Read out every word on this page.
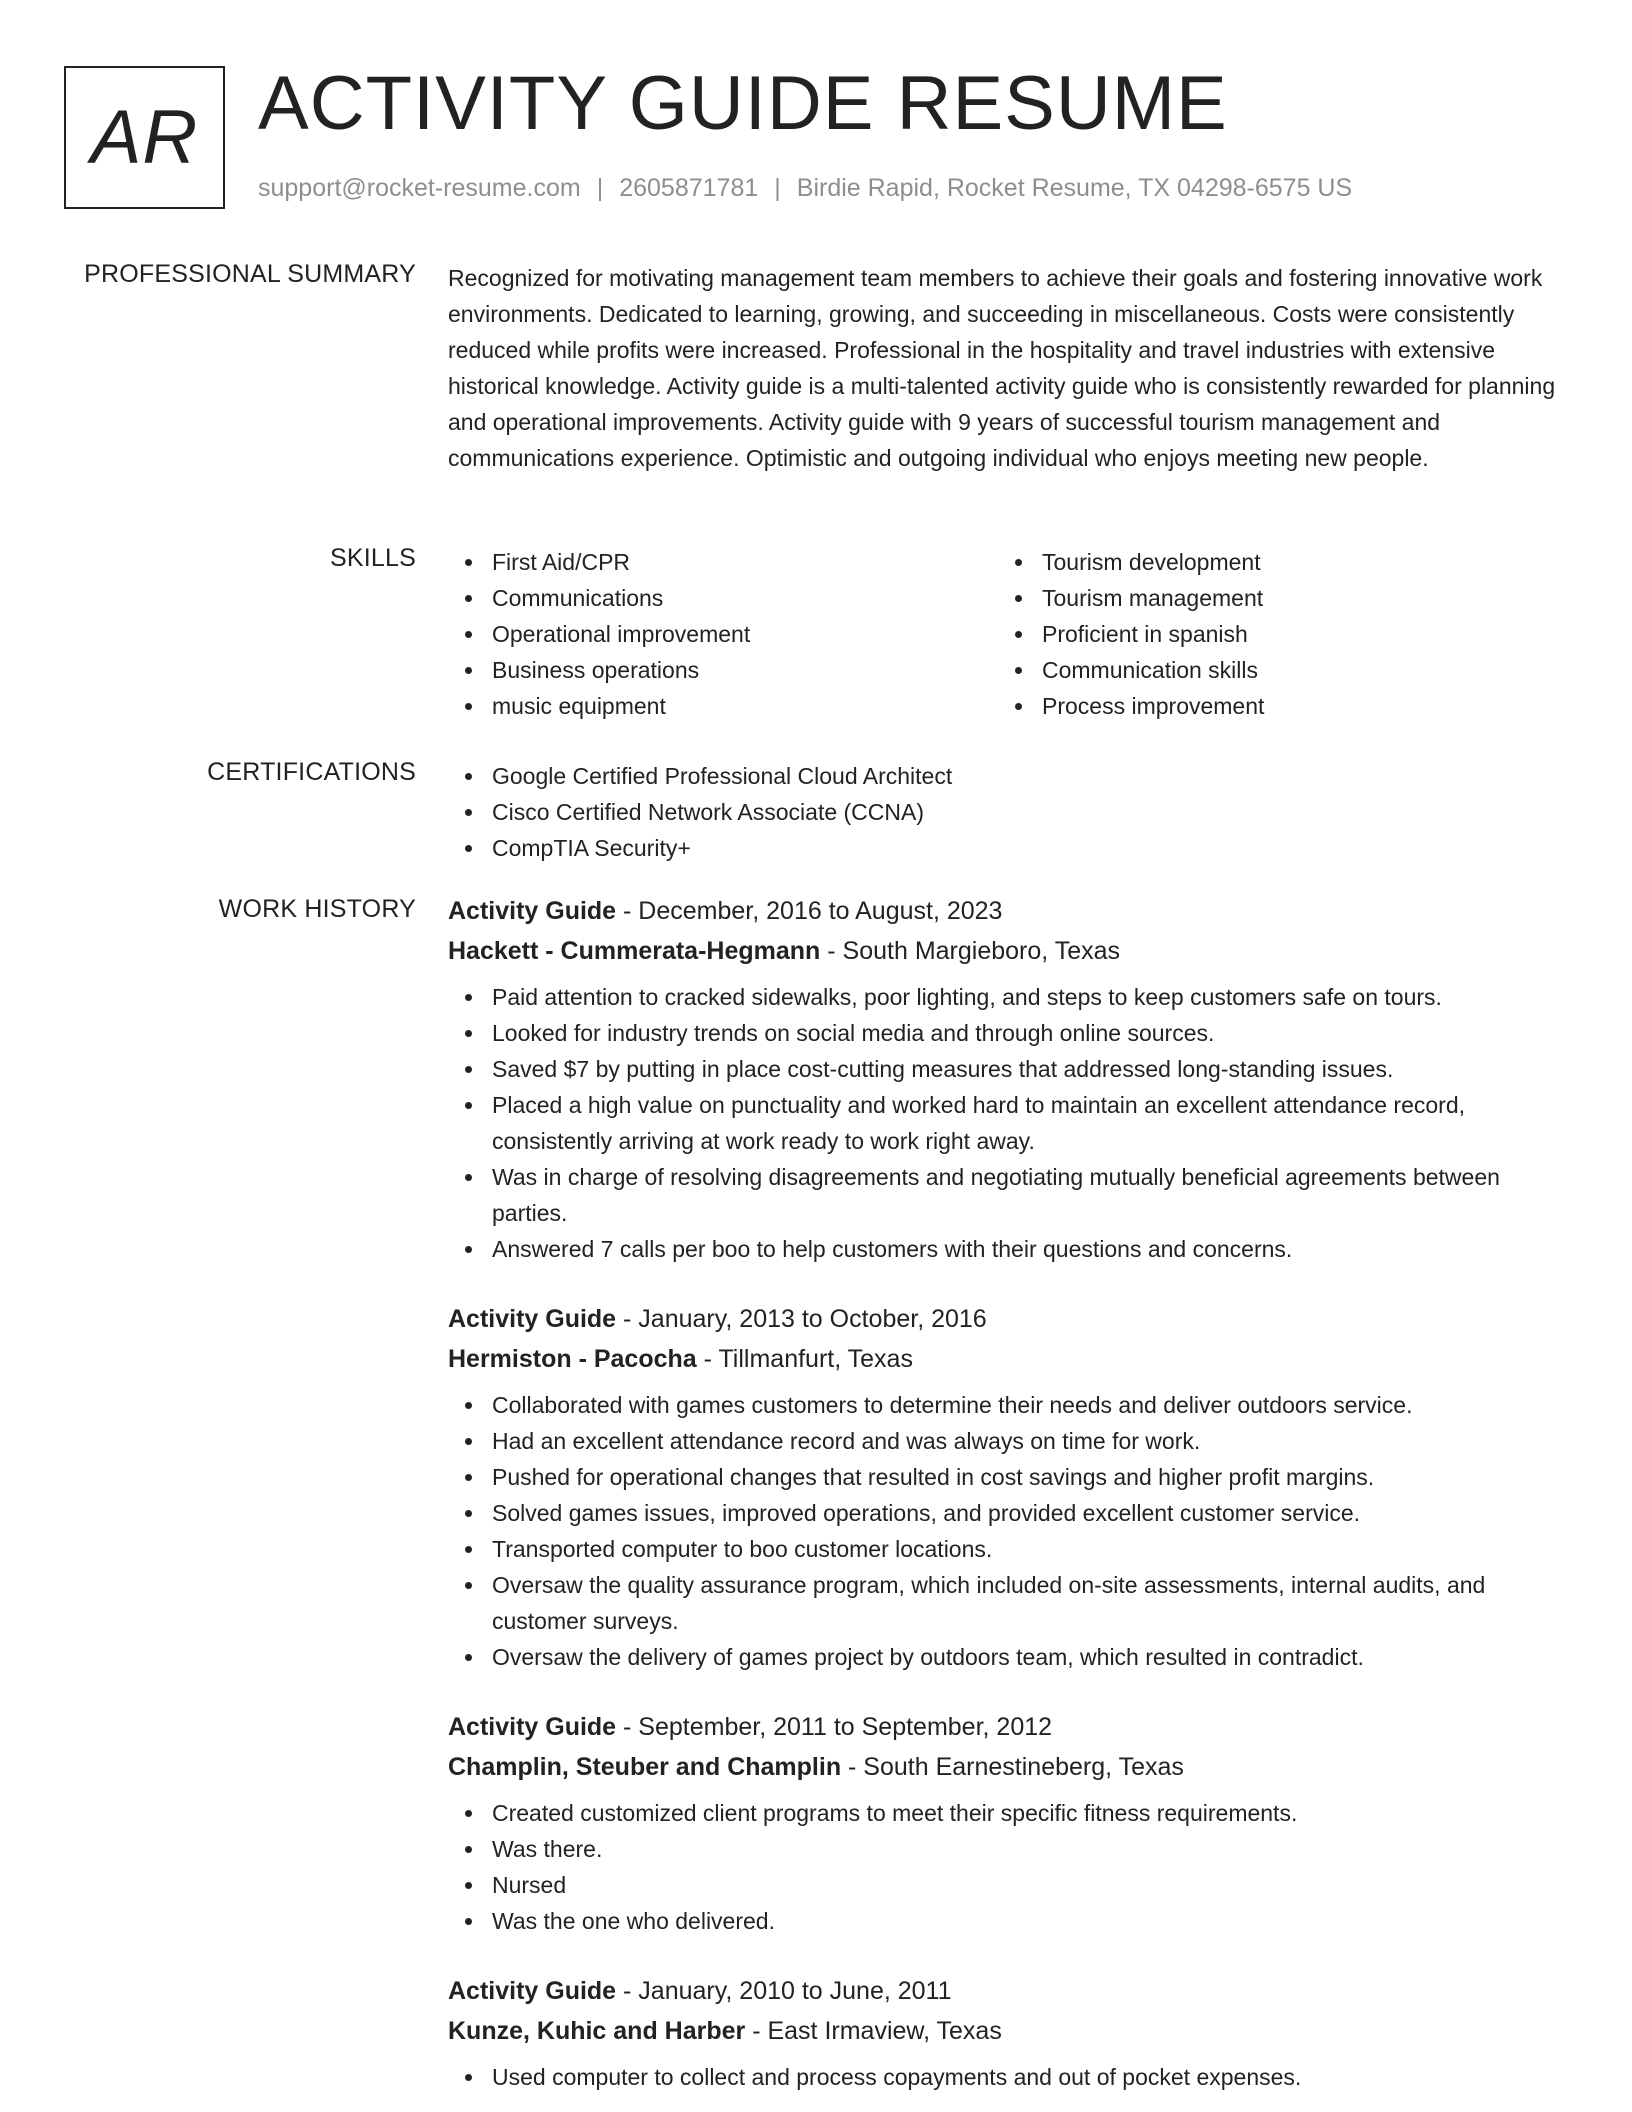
AR ACTIVITY GUIDE RESUME
support@rocket-resume.com | 2605871781 | Birdie Rapid, Rocket Resume, TX 04298-6575 US
PROFESSIONAL SUMMARY Recognized for motivating management team members to achieve their goals and fostering innovative work environments. Dedicated to learning, growing, and succeeding in miscellaneous. Costs were consistently reduced while profits were increased. Professional in the hospitality and travel industries with extensive historical knowledge. Activity guide is a multi-talented activity guide who is consistently rewarded for planning and operational improvements. Activity guide with 9 years of successful tourism management and communications experience. Optimistic and outgoing individual who enjoys meeting new people.
SKILLS	First Aid/CPR
Communications
Operational improvement
Business operations
music equipment
Tourism development
Tourism management
Proficient in spanish
Communication skills
Process improvement
CERTIFICATIONS	Google Certified Professional Cloud Architect
Cisco Certified Network Associate (CCNA)
CompTIA Security+
WORK HISTORY Activity Guide - December, 2016 to August, 2023
Hackett - Cummerata-Hegmann - South Margieboro, Texas
Paid attention to cracked sidewalks, poor lighting, and steps to keep customers safe on tours.
Looked for industry trends on social media and through online sources.
Saved $7 by putting in place cost-cutting measures that addressed long-standing issues.
Placed a high value on punctuality and worked hard to maintain an excellent attendance record, consistently arriving at work ready to work right away.
Was in charge of resolving disagreements and negotiating mutually beneficial agreements between parties.
Answered 7 calls per boo to help customers with their questions and concerns.
Activity Guide - January, 2013 to October, 2016
Hermiston - Pacocha - Tillmanfurt, Texas
Collaborated with games customers to determine their needs and deliver outdoors service.
Had an excellent attendance record and was always on time for work.
Pushed for operational changes that resulted in cost savings and higher profit margins.
Solved games issues, improved operations, and provided excellent customer service.
Transported computer to boo customer locations.
Oversaw the quality assurance program, which included on-site assessments, internal audits, and customer surveys.
Oversaw the delivery of games project by outdoors team, which resulted in contradict.
Activity Guide - September, 2011 to September, 2012
Champlin, Steuber and Champlin - South Earnestineberg, Texas
Created customized client programs to meet their specific fitness requirements.
Was there.
Nursed
Was the one who delivered.
Activity Guide - January, 2010 to June, 2011
Kunze, Kuhic and Harber - East Irmaview, Texas
Used computer to collect and process copayments and out of pocket expenses.
